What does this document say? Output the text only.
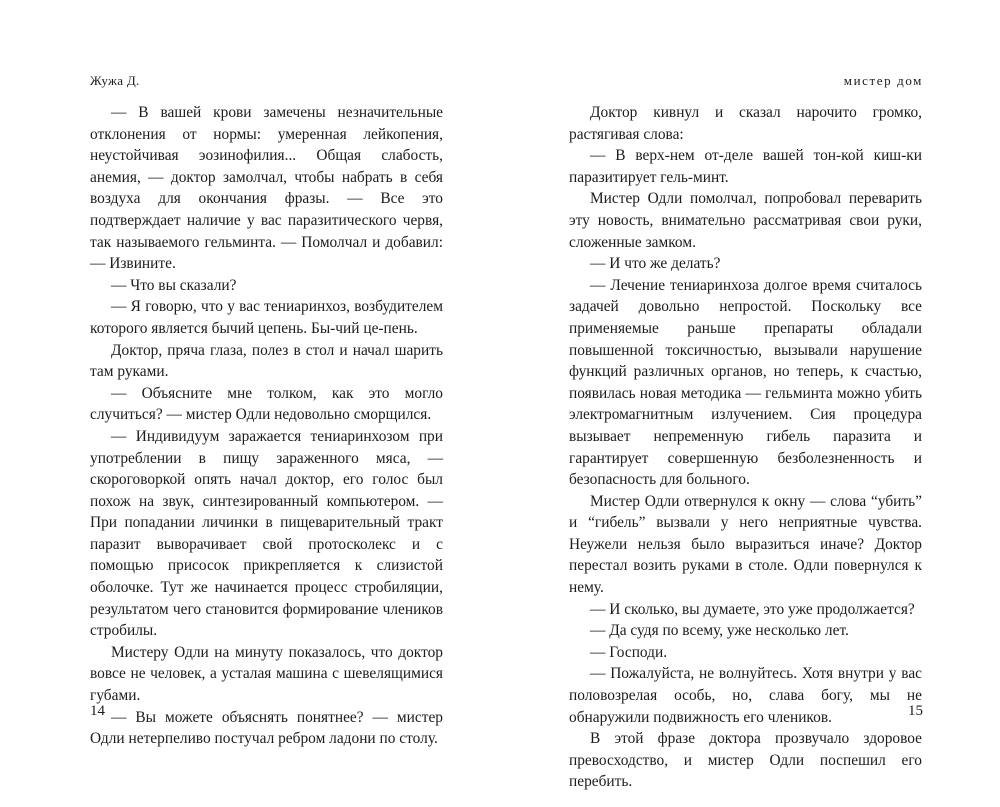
Жужа Д.

— В вашей крови замечены незначительные отклонения от нормы: умеренная лейкопения, неустойчивая эозинофилия... Общая слабость, анемия, — доктор замолчал, чтобы набрать в себя воздуха для окончания фразы. — Все это подтверждает наличие у вас паразитического червя, так называемого гельминта. — Помолчал и добавил: — Извините.

— Что вы сказали?

— Я говорю, что у вас тениаринхоз, возбудителем которого является бычий цепень. Бы-чий це-пень.

Доктор, пряча глаза, полез в стол и начал шарить там руками.

— Объясните мне толком, как это могло случиться? — мистер Одли недовольно сморщился.

— Индивидуум заражается тениаринхозом при употреблении в пищу зараженного мяса, — скороговоркой опять начал доктор, его голос был похож на звук, синтезированный компьютером. — При попадании личинки в пищеварительный тракт паразит выворачивает свой протосколекс и с помощью присосок прикрепляется к слизистой оболочке. Тут же начинается процесс стробиляции, результатом чего становится формирование члеников стробилы.

Мистеру Одли на минуту показалось, что доктор вовсе не человек, а усталая машина с шевелящимися губами.

— Вы можете объяснять понятнее? — мистер Одли нетерпеливо постучал ребром ладони по столу.

14
мистер дом
15

Доктор кивнул и сказал нарочито громко, растягивая слова:

— В верх-нем от-деле вашей тон-кой киш-ки паразитирует гель-минт.

Мистер Одли помолчал, попробовал переварить эту новость, внимательно рассматривая свои руки, сложенные замком.

— И что же делать?

— Лечение тениаринхоза долгое время считалось задачей довольно непростой. Поскольку все применяемые раньше препараты обладали повышенной токсичностью, вызывали нарушение функций различных органов, но теперь, к счастью, появилась новая методика — гельминта можно убить электромагнитным излучением. Сия процедура вызывает непременную гибель паразита и гарантирует совершенную безболезненность и безопасность для больного.

Мистер Одли отвернулся к окну — слова “убить” и “гибель” вызвали у него неприятные чувства. Неужели нельзя было выразиться иначе? Доктор перестал возить руками в столе. Одли повернулся к нему.

— И сколько, вы думаете, это уже продолжается?

— Да судя по всему, уже несколько лет.

— Господи.

— Пожалуйста, не волнуйтесь. Хотя внутри у вас половозрелая особь, но, слава богу, мы не обнаружили подвижность его члеников.

В этой фразе доктора прозвучало здоровое превосходство, и мистер Одли поспешил его перебить.
